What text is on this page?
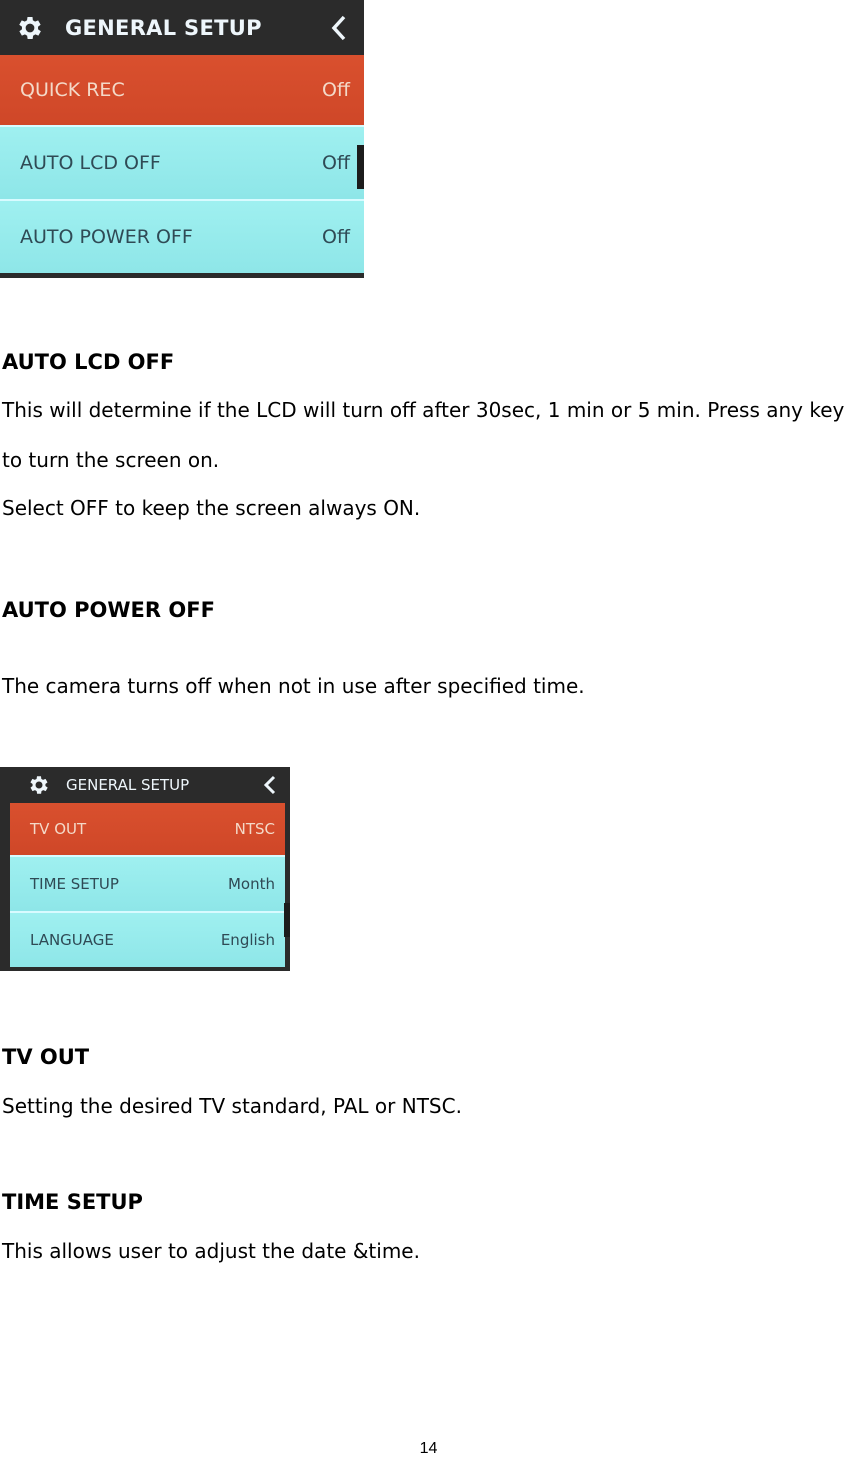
GENERAL SETUP
QUICK REC	Off
AUTO LCD OFF	Off
AUTO POWER OFF	Off
AUTO LCD OFF
This will determine if the LCD will turn off after 30sec, 1 min or 5 min. Press any key
to turn the screen on.
Select OFF to keep the screen always ON.
AUTO POWER OFF
The camera turns off when not in use after specified time.
GENERAL SETUP
TV OUT	NTSC
TIME SETUP	Month
LANGUAGE	English
TV OUT
Setting the desired TV standard, PAL or NTSC.
TIME SETUP
This allows user to adjust the date &time.
14
